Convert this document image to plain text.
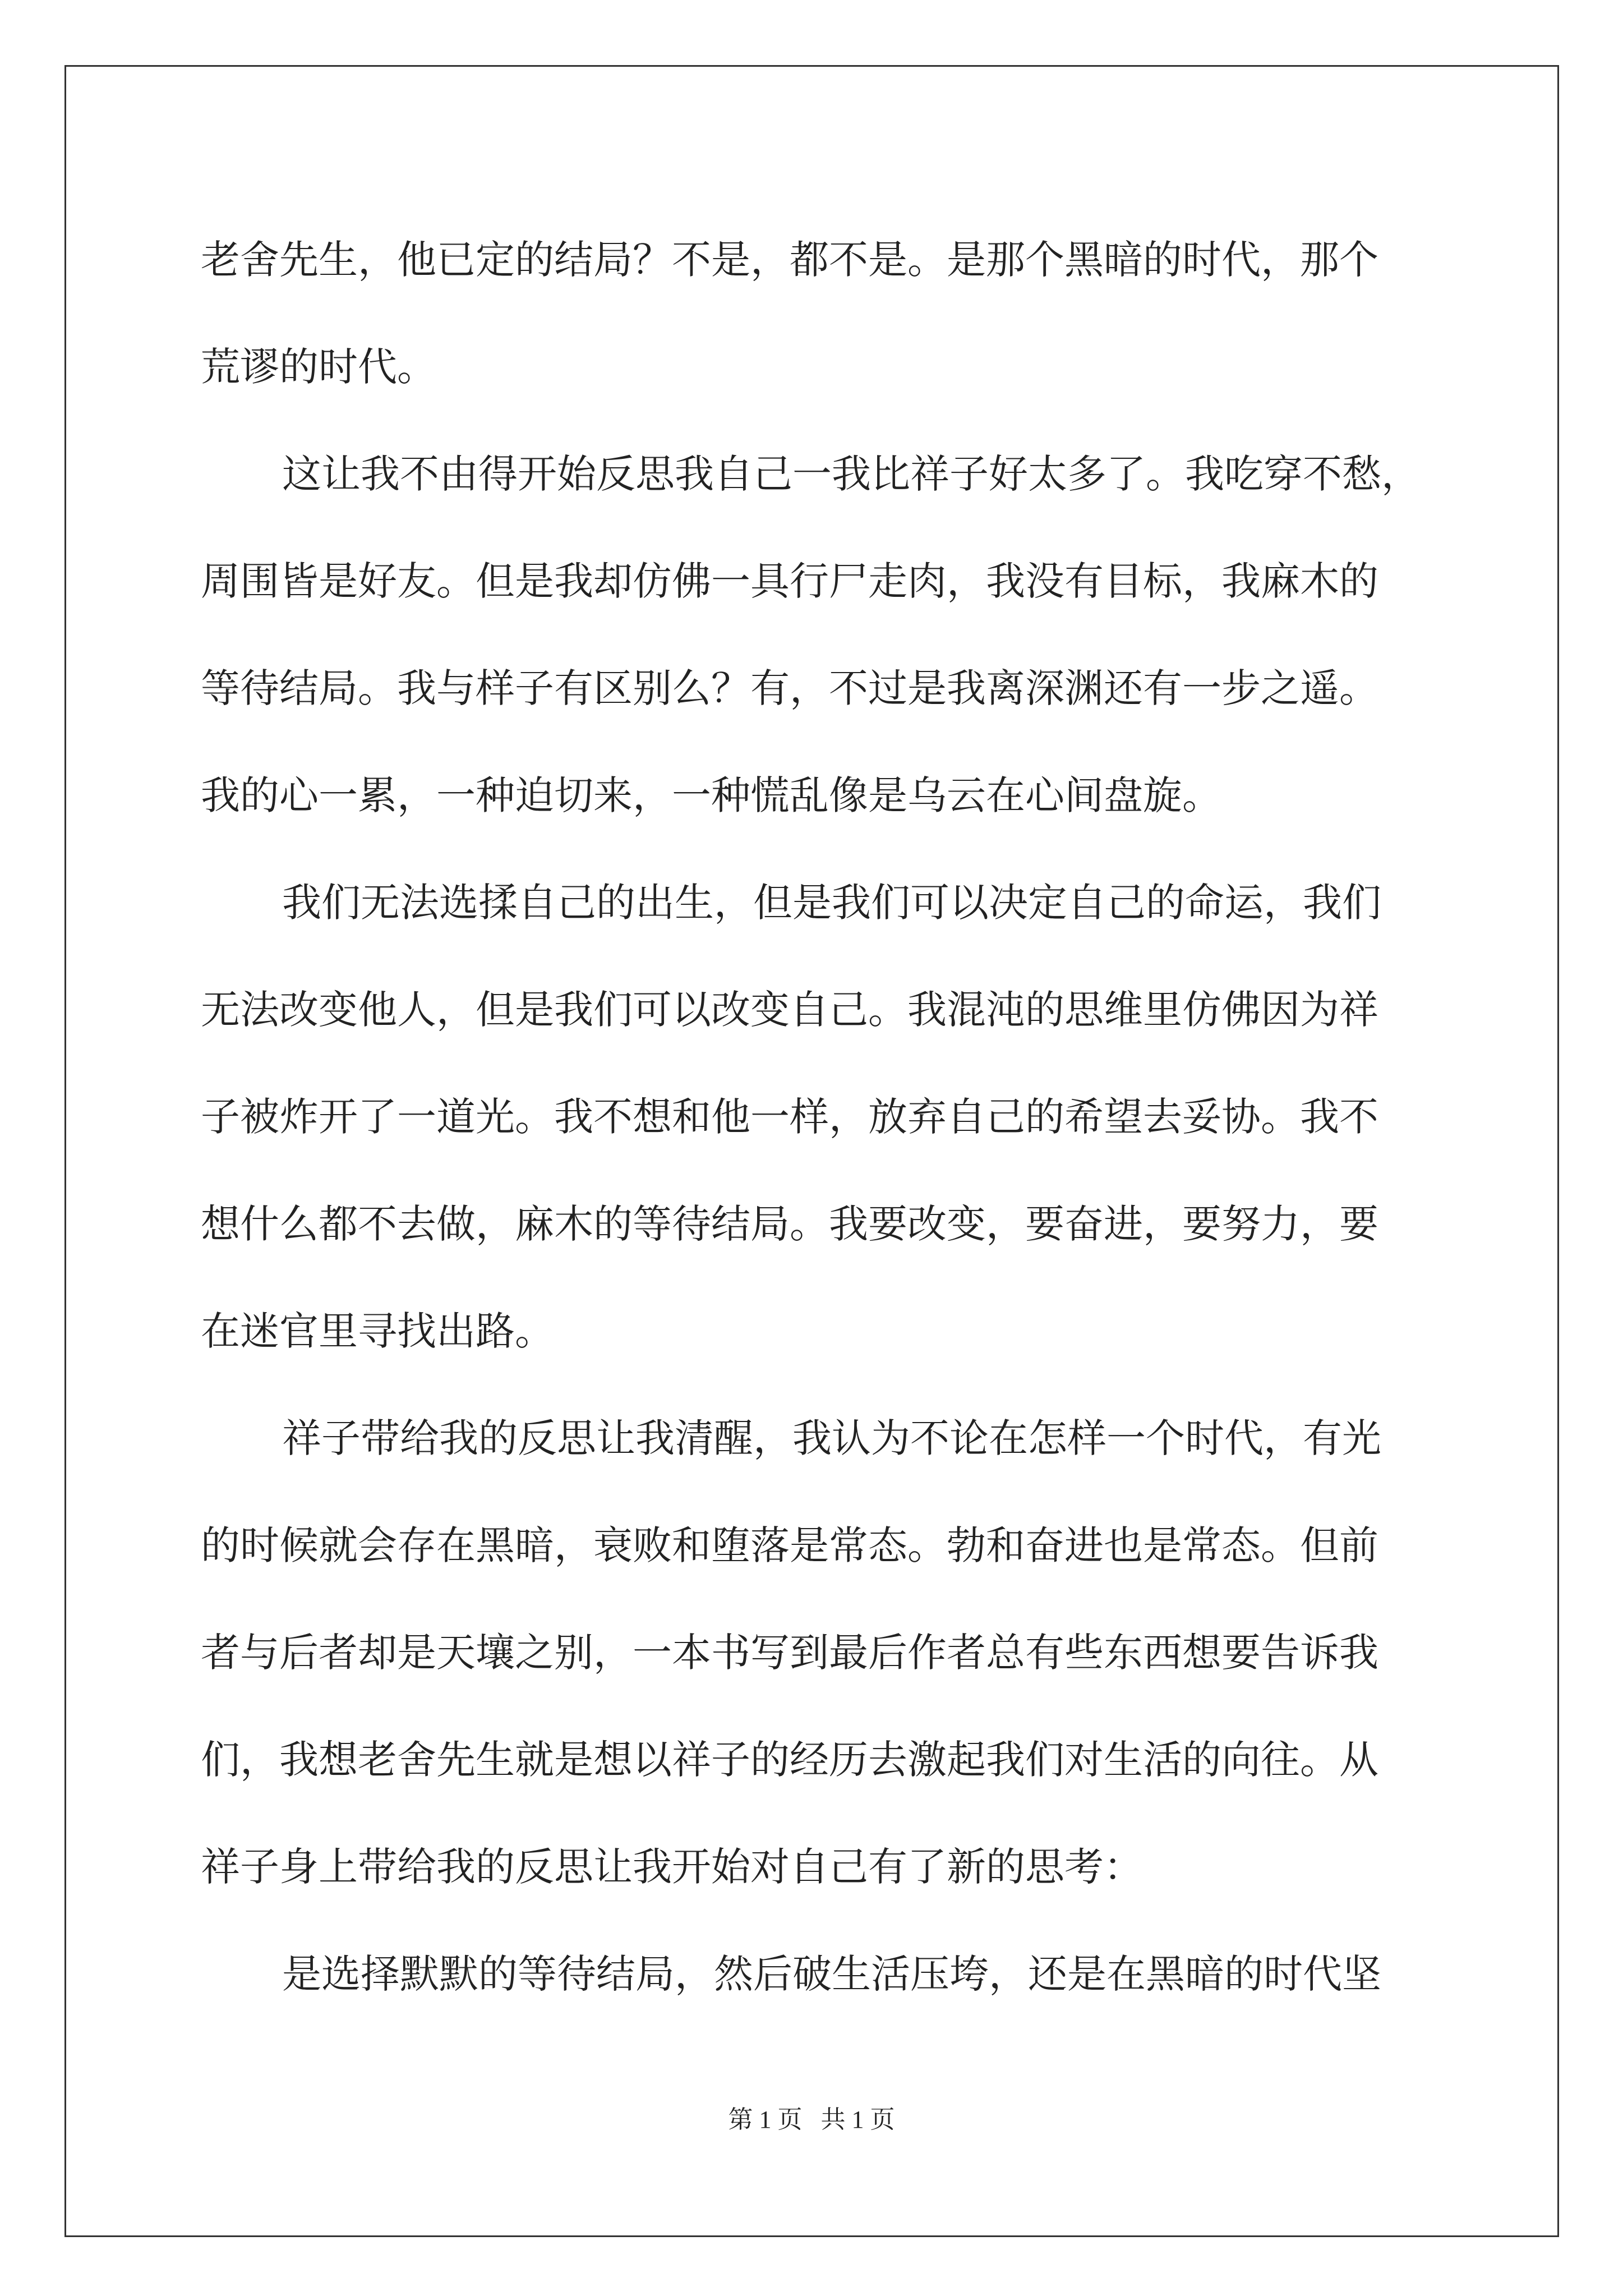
老舍先生，他已定的结局？不是，都不是。是那个黑暗的时代，那个
荒谬的时代。
这让我不由得开始反思我自己一我比祥子好太多了。我吃穿不愁，
周围皆是好友。但是我却仿佛一具行尸走肉，我没有目标，我麻木的
等待结局。我与样子有区别么？有，不过是我离深渊还有一步之遥。
我的心一累，一种迫切来，一种慌乱像是乌云在心间盘旋。
我们无法选揉自己的出生，但是我们可以决定自己的命运，我们
无法改变他人，但是我们可以改变自己。我混沌的思维里仿佛因为祥
子被炸开了一道光。我不想和他一样，放弃自己的希望去妥协。我不
想什么都不去做，麻木的等待结局。我要改变，要奋进，要努力，要
在迷官里寻找出路。
祥子带给我的反思让我清醒，我认为不论在怎样一个时代，有光
的时候就会存在黑暗，衰败和堕落是常态。勃和奋进也是常态。但前
者与后者却是天壤之别，一本书写到最后作者总有些东西想要告诉我
们，我想老舍先生就是想以祥子的经历去激起我们对生活的向往。从
祥子身上带给我的反思让我开始对自己有了新的思考：
是选择默默的等待结局，然后破生活压垮，还是在黑暗的时代坚
第 1 页   共 1 页
